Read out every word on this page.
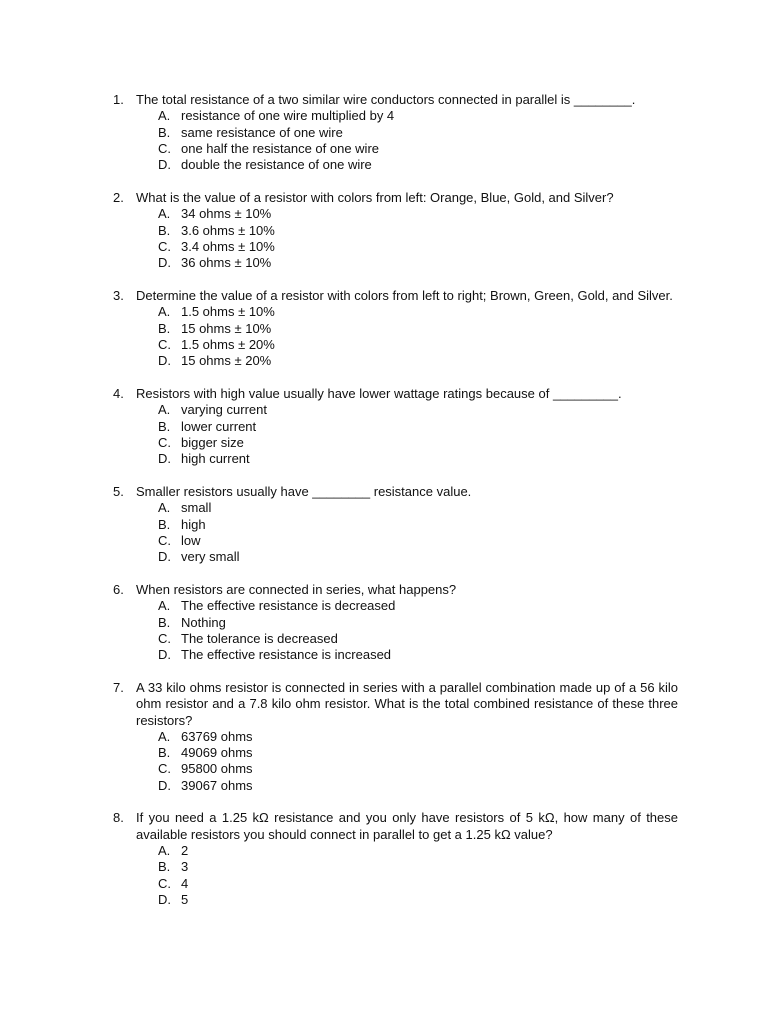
1. The total resistance of a two similar wire conductors connected in parallel is ________.
A. resistance of one wire multiplied by 4
B. same resistance of one wire
C. one half the resistance of one wire
D. double the resistance of one wire
2. What is the value of a resistor with colors from left: Orange, Blue, Gold, and Silver?
A. 34 ohms ± 10%
B. 3.6 ohms ± 10%
C. 3.4 ohms ± 10%
D. 36 ohms ± 10%
3. Determine the value of a resistor with colors from left to right; Brown, Green, Gold, and Silver.
A. 1.5 ohms ± 10%
B. 15 ohms ± 10%
C. 1.5 ohms ± 20%
D. 15 ohms ± 20%
4. Resistors with high value usually have lower wattage ratings because of _________.
A. varying current
B. lower current
C. bigger size
D. high current
5. Smaller resistors usually have ________ resistance value.
A. small
B. high
C. low
D. very small
6. When resistors are connected in series, what happens?
A. The effective resistance is decreased
B. Nothing
C. The tolerance is decreased
D. The effective resistance is increased
7. A 33 kilo ohms resistor is connected in series with a parallel combination made up of a 56 kilo ohm resistor and a 7.8 kilo ohm resistor. What is the total combined resistance of these three resistors?
A. 63769 ohms
B. 49069 ohms
C. 95800 ohms
D. 39067 ohms
8. If you need a 1.25 kΩ resistance and you only have resistors of 5 kΩ, how many of these available resistors you should connect in parallel to get a 1.25 kΩ value?
A. 2
B. 3
C. 4
D. 5
